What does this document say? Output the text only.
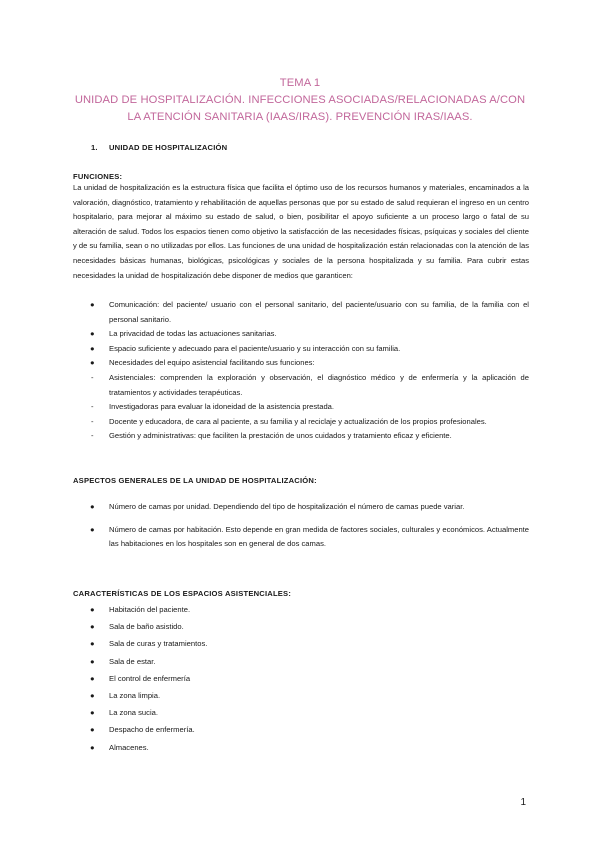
TEMA 1
UNIDAD DE HOSPITALIZACIÓN. INFECCIONES ASOCIADAS/RELACIONADAS A/CON
LA ATENCIÓN SANITARIA (IAAS/IRAS). PREVENCIÓN IRAS/IAAS.
1. UNIDAD DE HOSPITALIZACIÓN
FUNCIONES:
La unidad de hospitalización es la estructura física que facilita el óptimo uso de los recursos humanos y materiales, encaminados a la valoración, diagnóstico, tratamiento y rehabilitación de aquellas personas que por su estado de salud requieran el ingreso en un centro hospitalario, para mejorar al máximo su estado de salud, o bien, posibilitar el apoyo suficiente a un proceso largo o fatal de su alteración de salud. Todos los espacios tienen como objetivo la satisfacción de las necesidades físicas, psíquicas y sociales del cliente y de su familia, sean o no utilizadas por ellos. Las funciones de una unidad de hospitalización están relacionadas con la atención de las necesidades básicas humanas, biológicas, psicológicas y sociales de la persona hospitalizada y su familia. Para cubrir estas necesidades la unidad de hospitalización debe disponer de medios que garanticen:
●	Comunicación: del paciente/ usuario con el personal sanitario, del paciente/usuario con su familia, de la familia con el personal sanitario.
●	La privacidad de todas las actuaciones sanitarias.
●	Espacio suficiente y adecuado para el paciente/usuario y su interacción con su familia.
●	Necesidades del equipo asistencial facilitando sus funciones:
-	Asistenciales: comprenden la exploración y observación, el diagnóstico médico y de enfermería y la aplicación de tratamientos y actividades terapéuticas.
-	Investigadoras para evaluar la idoneidad de la asistencia prestada.
-	Docente y educadora, de cara al paciente, a su familia y al reciclaje y actualización de los propios profesionales.
-	Gestión y administrativas: que faciliten la prestación de unos cuidados y tratamiento eficaz y eficiente.
ASPECTOS GENERALES DE LA UNIDAD DE HOSPITALIZACIÓN:
●	Número de camas por unidad. Dependiendo del tipo de hospitalización el número de camas puede variar.
●	Número de camas por habitación. Esto depende en gran medida de factores sociales, culturales y económicos. Actualmente las habitaciones en los hospitales son en general de dos camas.
CARACTERÍSTICAS DE LOS ESPACIOS ASISTENCIALES:
●	Habitación del paciente.
●	Sala de baño asistido.
●	Sala de curas y tratamientos.
●	Sala de estar.
●	El control de enfermería
●	La zona limpia.
●	La zona sucia.
●	Despacho de enfermería.
●	Almacenes.
1
